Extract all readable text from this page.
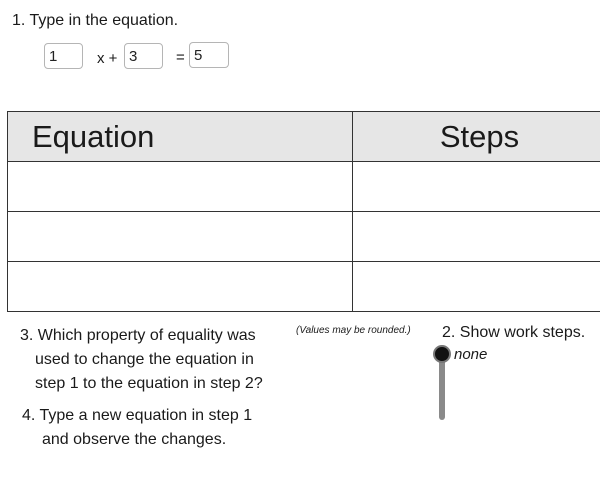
1. Type in the equation.
1
x +
3	=
5
Equation	Steps

3. Which property of equality was
used to change the equation in
step 1 to the equation in step 2?
(Values may be rounded.) 2. Show work steps.
none
4. Type a new equation in step 1
and observe the changes.
